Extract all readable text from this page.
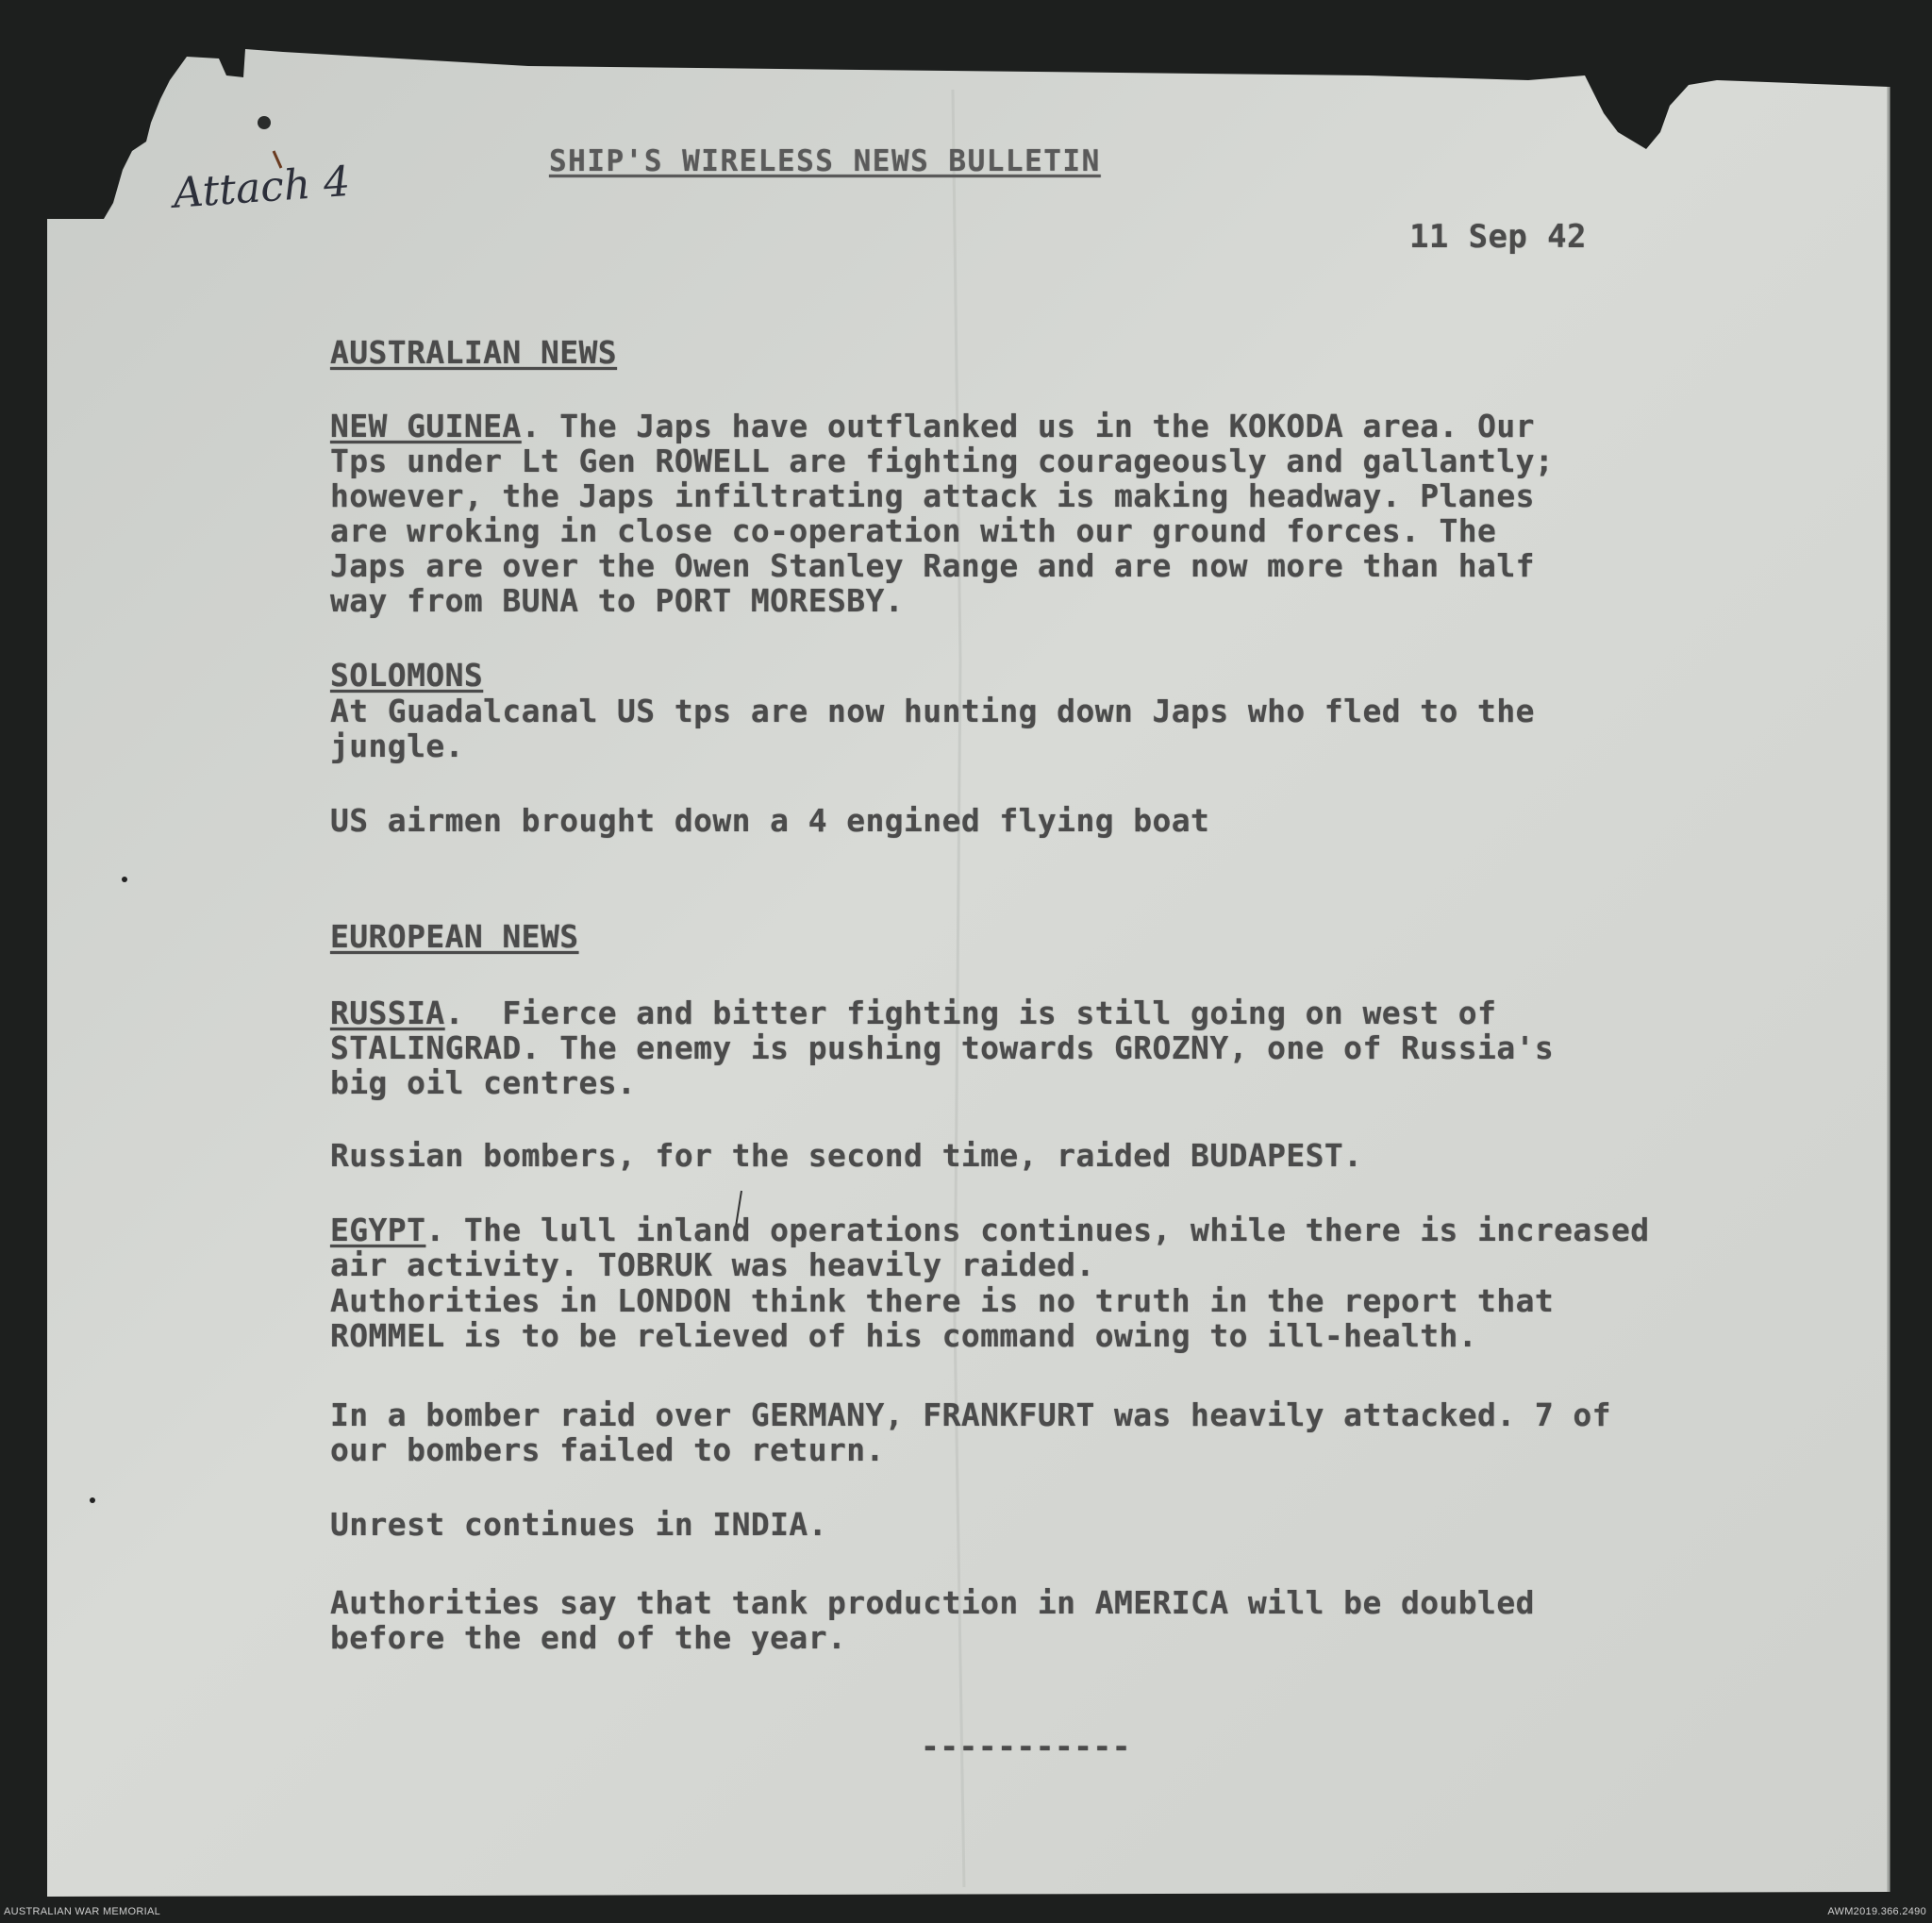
Attach 4	SHIP'S WIRELESS NEWS BULLETIN
11 Sep 42
AUSTRALIAN NEWS
NEW GUINEA. The Japs have outflanked us in the KOKODA area. Our
Tps under Lt Gen ROWELL are fighting courageously and gallantly;
however, the Japs infiltrating attack is making headway. Planes
are wroking in close co-operation with our ground forces. The
Japs are over the Owen Stanley Range and are now more than half
way from BUNA to PORT MORESBY.
SOLOMONS
At Guadalcanal US tps are now hunting down Japs who fled to the
jungle.
US airmen brought down a 4 engined flying boat
EUROPEAN NEWS
RUSSIA.  Fierce and bitter fighting is still going on west of
STALINGRAD. The enemy is pushing towards GROZNY, one of Russia's
big oil centres.
Russian bombers, for the second time, raided BUDAPEST.
EGYPT. The lull inland operations continues, while there is increased
air activity. TOBRUK was heavily raided.
Authorities in LONDON think there is no truth in the report that
ROMMEL is to be relieved of his command owing to ill-health.
In a bomber raid over GERMANY, FRANKFURT was heavily attacked. 7 of
our bombers failed to return.
Unrest continues in INDIA.
Authorities say that tank production in AMERICA will be doubled
before the end of the year.
-----------
AUSTRALIAN WAR MEMORIAL	AWM2019.366.2490
